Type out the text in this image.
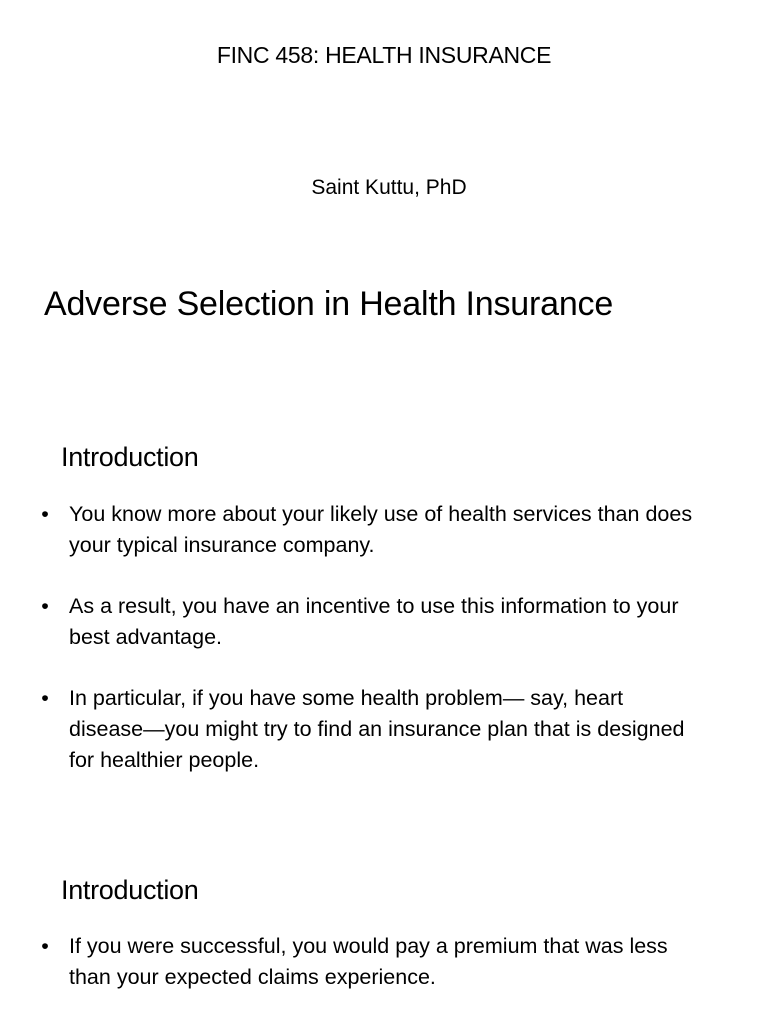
FINC 458: HEALTH INSURANCE
Saint Kuttu, PhD
Adverse Selection in Health Insurance
Introduction
• You know more about your likely use of health services than does your typical insurance company.
• As a result, you have an incentive to use this information to your best advantage.
• In particular, if you have some health problem— say, heart disease—you might try to find an insurance plan that is designed for healthier people.
Introduction
• If you were successful, you would pay a premium that was less than your expected claims experience.
